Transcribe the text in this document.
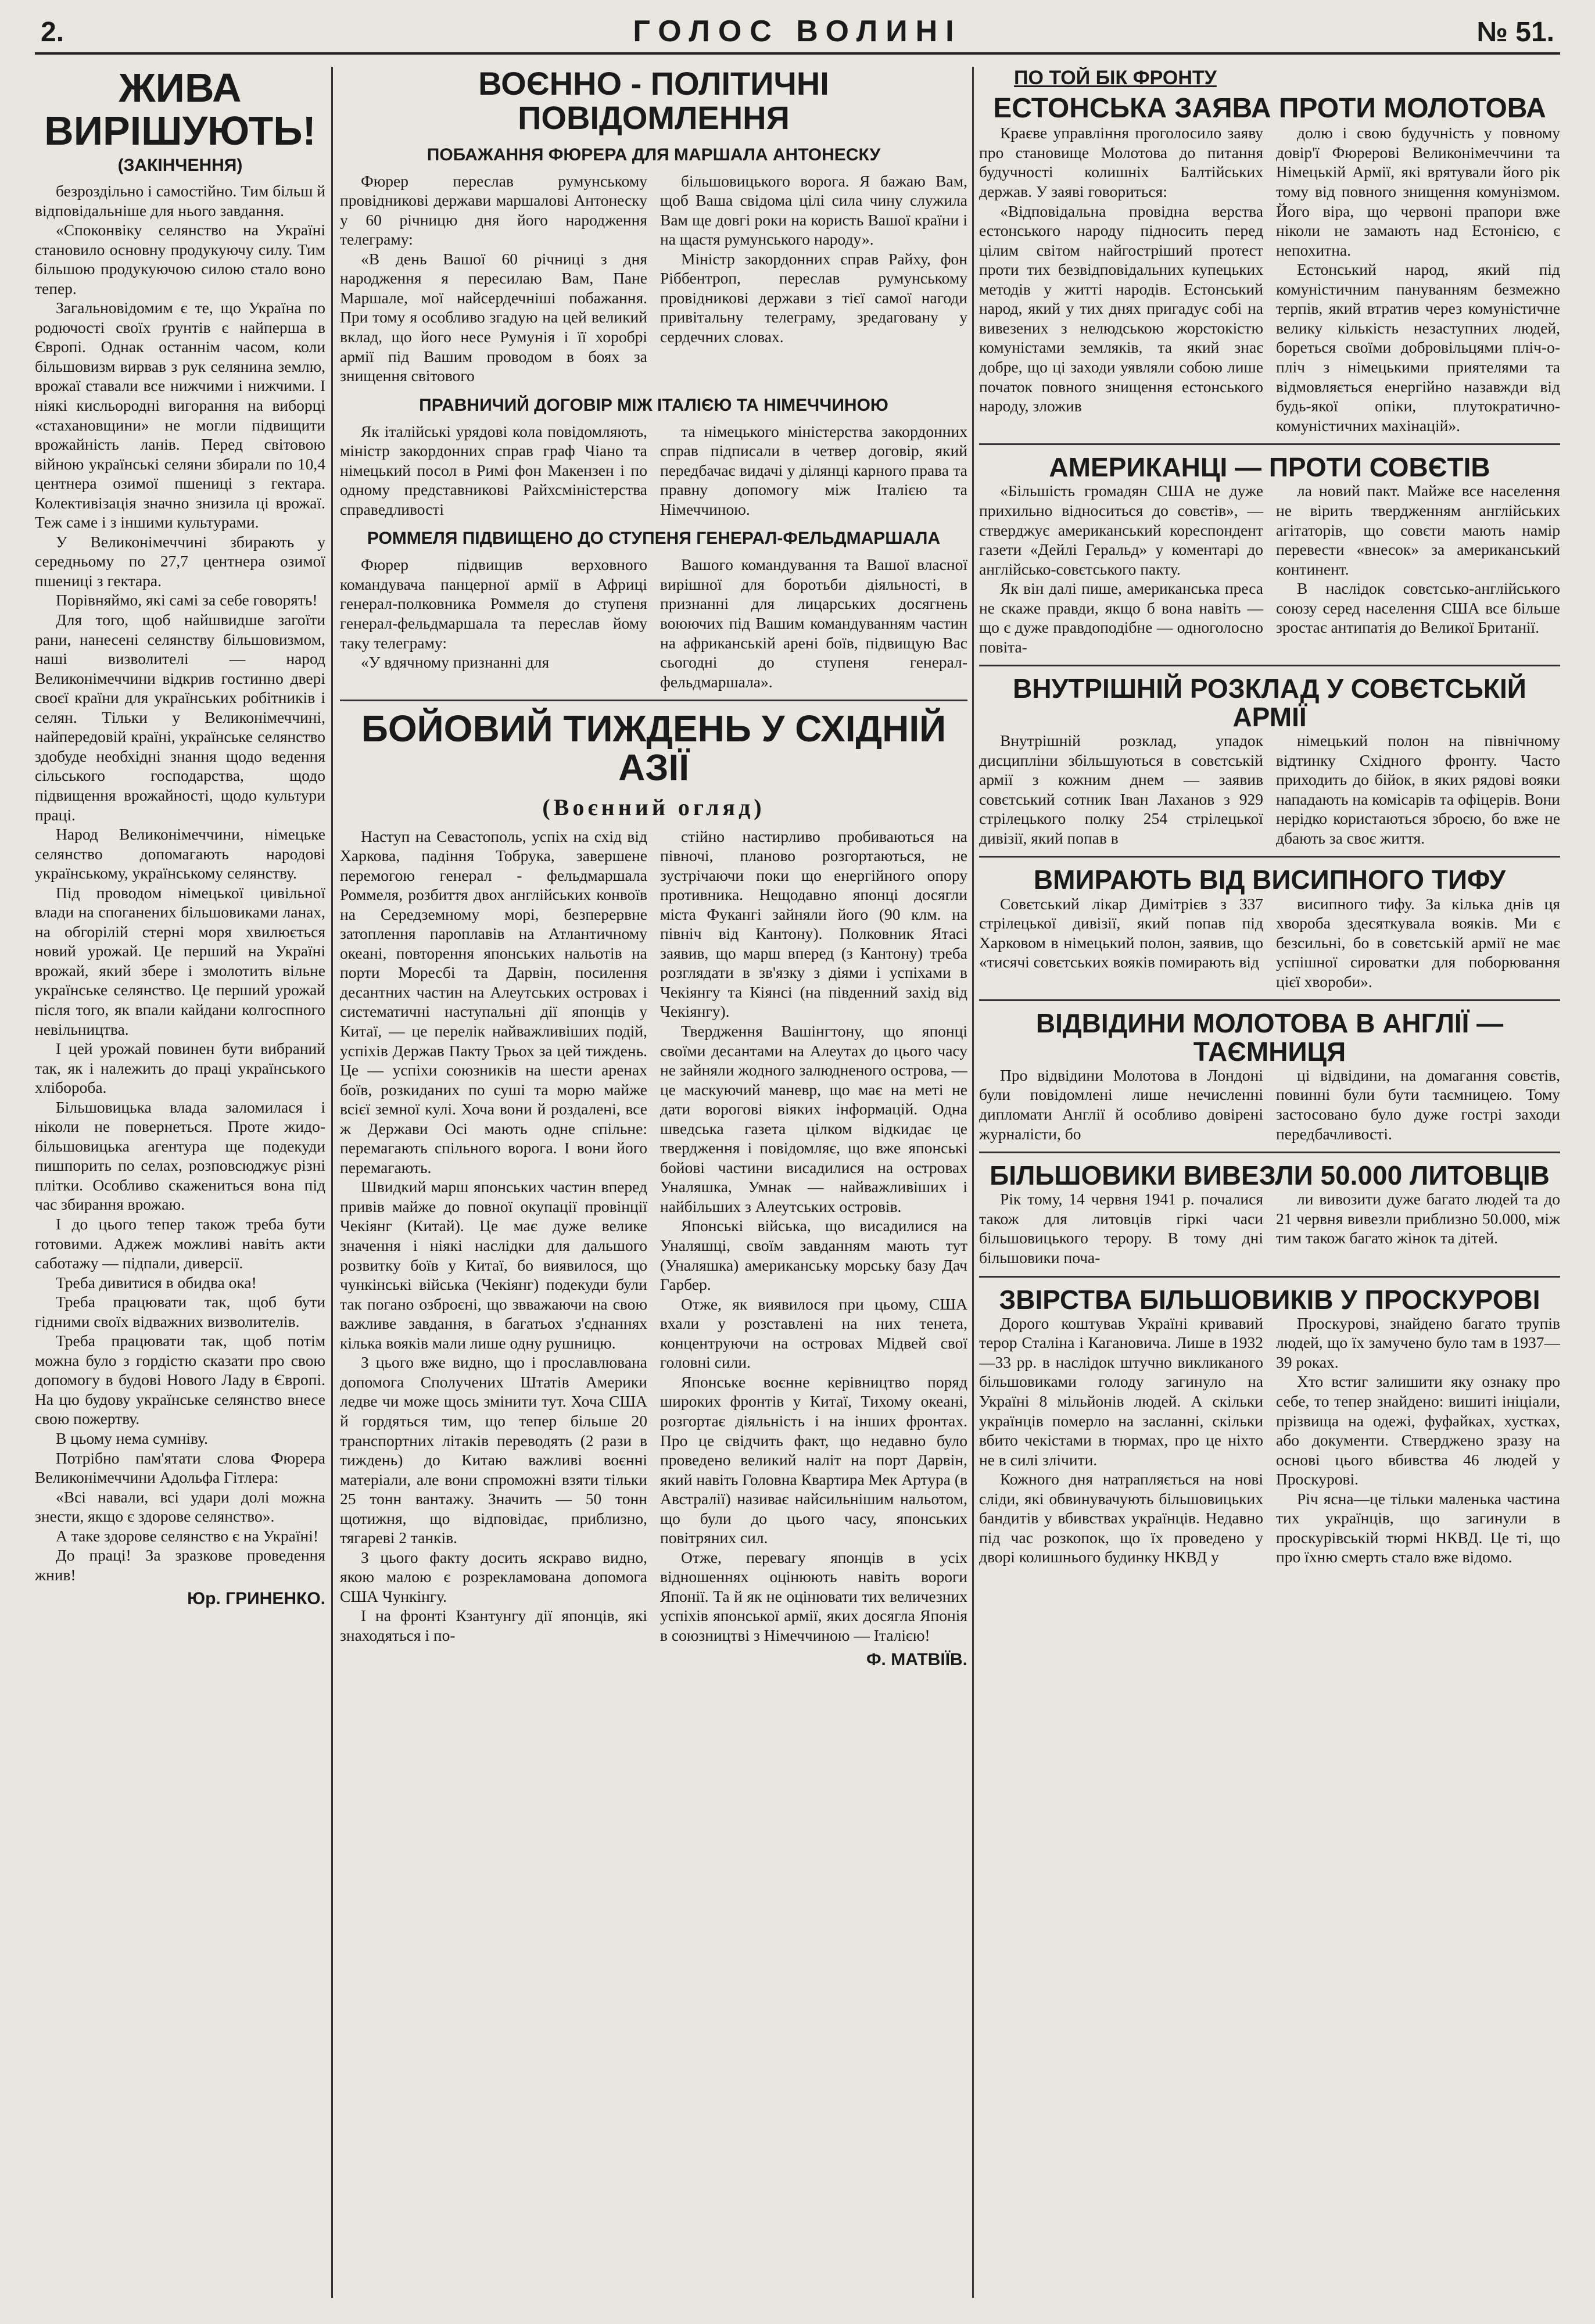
2.	ГОЛОС ВОЛИНІ	№ 51.
ЖИВА ВИРІШУЮТЬ!
(ЗАКІНЧЕННЯ)

безроздільно і самостійно. Тим більш й відповідальніше для нього завдання.

«Споконвіку селянство на Україні становило основну продукуючу силу. Тим більшою продукуючою силою стало воно тепер.

Загальновідомим є те, що Україна по родючості своїх ґрунтів є найперша в Європі. Однак останнім часом, коли більшовизм вирвав з рук селянина землю, врожаї ставали все нижчими і нижчими. І ніякі кисльородні вигорання на виборці «стахановщини» не могли підвищити врожайність ланів. Перед світовою війною українські селяни збирали по 10,4 центнера озимої пшениці з гектара. Колективізація значно знизила ці врожаї. Теж саме і з іншими культурами.

У Великонімеччині збирають у середньому по 27,7 центнера озимої пшениці з гектара.

Порівняймо, які самі за себе говорять!

Для того, щоб найшвидше загоїти рани, нанесені селянству більшовизмом, наші визволителі — народ Великонімеччини відкрив гостинно двері своєї країни для українських робітників і селян. Тільки у Великонімеччині, найпередовій країні, українське селянство здобуде необхідні знання щодо ведення сільського господарства, щодо підвищення врожайності, щодо культури праці.

Народ Великонімеччини, німецьке селянство допомагають народові українському, українському селянству.

Під проводом німецької цивільної влади на споганених більшовиками ланах, на обгорілій стерні моря хвилюється новий урожай. Це перший на Україні врожай, який збере і змолотить вільне українське селянство. Це перший урожай після того, як впали кайдани колгоспного невільництва.

І цей урожай повинен бути вибраний так, як і належить до праці українського хлібороба.

Більшовицька влада заломилася і ніколи не повернеться. Проте жидо-більшовицька агентура ще подекуди пишпорить по селах, розповсюджує різні плітки. Особливо скажениться вона під час збирання врожаю.

І до цього тепер також треба бути готовими. Аджеж можливі навіть акти саботажу — підпали, диверсії.

Треба дивитися в обидва ока!

Треба працювати так, щоб бути гідними своїх відважних визволителів.

Треба працювати так, щоб потім можна було з гордістю сказати про свою допомогу в будові Нового Ладу в Європі. На цю будову українське селянство внесе свою пожертву.

В цьому нема сумніву.

Потрібно пам'ятати слова Фюрера Великонімеччини Адольфа Гітлера:

«Всі навали, всі удари долі можна знести, якщо є здорове селянство».

А таке здорове селянство є на Україні!

До праці! За зразкове проведення жнив!

Юр. ГРИНЕНКО.
ВОЄННО - ПОЛІТИЧНІ ПОВІДОМЛЕННЯ
ПОБАЖАННЯ ФЮРЕРА ДЛЯ МАРШАЛА АНТОНЕСКУ

Фюрер переслав румунському провідникові держави маршалові Антонеску у 60 річницю дня його народження телеграму:

«В день Вашої 60 річниці з дня народження я пересилаю Вам, Пане Маршале, мої найсердечніші побажання. При тому я особливо згадую на цей великий вклад, що його несе Румунія і її хоробрі армії під Вашим проводом в боях за знищення світового

більшовицького ворога. Я бажаю Вам, щоб Ваша свідома цілі сила чину служила Вам ще довгі роки на користь Вашої країни і на щастя румунського народу».

Міністр закордонних справ Райху, фон Ріббентроп, переслав румунському провідникові держави з тієї самої нагоди привітальну телеграму, зредаговану у сердечних словах.

ПРАВНИЧИЙ ДОГОВІР МІЖ ІТАЛІЄЮ ТА НІМЕЧЧИНОЮ

Як італійські урядові кола повідомляють, міністр закордонних справ граф Чіано та німецький посол в Римі фон Макензен і по одному представникові Райхсміністерства справедливості

та німецького міністерства закордонних справ підписали в четвер договір, який передбачає видачі у ділянці карного права та правну допомогу між Італією та Німеччиною.

РОММЕЛЯ ПІДВИЩЕНО ДО СТУПЕНЯ ГЕНЕРАЛ-ФЕЛЬДМАРШАЛА

Фюрер підвищив верховного командувача панцерної армії в Африці генерал-полковника Роммеля до ступеня генерал-фельдмаршала та переслав йому таку телеграму:

«У вдячному признанні для

Вашого командування та Вашої власної вирішної для боротьби діяльності, в признанні для лицарських досягнень воюючих під Вашим командуванням частин на африканській арені боїв, підвищую Вас сьогодні до ступеня генерал-фельдмаршала».

БОЙОВИЙ ТИЖДЕНЬ У СХІДНІЙ АЗІЇ
(Воєнний огляд)

Наступ на Севастополь, успіх на схід від Харкова, падіння Тобрука, завершене перемогою генерал - фельдмаршала Роммеля, розбиття двох англійських конвоїв на Середземному морі, безперервне затоплення пароплавів на Атлантичному океані, повторення японських нальотів на порти Моресбі та Дарвін, посилення десантних частин на Алеутських островах і систематичні наступальні дії японців у Китаї, — це перелік найважливіших подій, успіхів Держав Пакту Трьох за цей тиждень. Це — успіхи союзників на шести аренах боїв, розкиданих по суші та морю майже всієї земної кулі. Хоча вони й роздалені, все ж Держави Осі мають одне спільне: перемагають спільного ворога. І вони його перемагають.

Швидкий марш японських частин вперед привів майже до повної окупації провінції Чекіянг (Китай). Це має дуже велике значення і ніякі наслідки для дальшого розвитку боїв у Китаї, бо виявилося, що чункінські війська (Чекіянг) подекуди були так погано озброєні, що звважаючи на свою важливе завдання, в багатьох з'єднаннях кілька вояків мали лише одну рушницю.

З цього вже видно, що і прославлювана допомога Сполучених Штатів Америки ледве чи може щось змінити тут. Хоча США й гордяться тим, що тепер більше 20 транспортних літаків переводять (2 рази в тиждень) до Китаю важливі воєнні матеріали, але вони спроможні взяти тільки 25 тонн вантажу. Значить — 50 тонн щотижня, що відповідає, приблизно, тягареві 2 танків.

З цього факту досить яскраво видно, якою малою є розрекламована допомога США Чункінгу.

І на фронті Кзантунгу дії японців, які знаходяться і по-

стійно настирливо пробиваються на півночі, планово розгортаються, не зустрічаючи поки що енергійного опору противника. Нещодавно японці досягли міста Фукангі зайняли його (90 клм. на північ від Кантону). Полковник Ятасі заявив, що марш вперед (з Кантону) треба розглядати в зв'язку з діями і успіхами в Чекіянгу та Кіянсі (на південний захід від Чекіянгу).

Твердження Вашінгтону, що японці своїми десантами на Алеутах до цього часу не зайняли жодного залюдненого острова, — це маскуючий маневр, що має на меті не дати ворогові віяких інформацій. Одна шведська газета цілком відкидає це твердження і повідомляє, що вже японські бойові частини висадилися на островах Уналяшка, Умнак — найважливіших і найбільших з Алеутських островів.

Японські війська, що висадилися на Уналяшці, своїм завданням мають тут (Уналяшка) американську морську базу Дач Гарбер.

Отже, як виявилося при цьому, США вхали у розставлені на них тенета, концентруючи на островах Мідвей свої головні сили.

Японське воєнне керівництво поряд широких фронтів у Китаї, Тихому океані, розгортає діяльність і на інших фронтах. Про це свідчить факт, що недавно було проведено великий наліт на порт Дарвін, який навіть Головна Квартира Мек Артура (в Австралії) називає найсильнішим нальотом, що були до цього часу, японських повітряних сил.

Отже, перевагу японців в усіх відношеннях оцінюють навіть вороги Японії. Та й як не оцінювати тих величезних успіхів японської армії, яких досягла Японія в союзництві з Німеччиною — Італією!

Ф. МАТВІЇВ.
ПО ТОЙ БІК ФРОНТУ
ЕСТОНСЬКА ЗАЯВА ПРОТИ МОЛОТОВА

Краєве управління проголосило заяву про становище Молотова до питання будучності колишніх Балтійських держав. У заяві говориться:

«Відповідальна провідна верства естонського народу підносить перед цілим світом найгостріший протест проти тих безвідповідальних купецьких методів у житті народів. Естонський народ, який у тих днях пригадує собі на вивезених з нелюдською жорстокістю комуністами земляків, та який знає добре, що ці заходи уявляли собою лише початок повного знищення естонського народу, зложив

долю і свою будучність у повному довір'ї Фюрерові Великонімеччини та Німецькій Армії, які врятували його рік тому від повного знищення комунізмом. Його віра, що червоні прапори вже ніколи не замають над Естонією, є непохитна.

Естонський народ, який під комуністичним пануванням безмежно терпів, який втратив через комуністичне велику кількість незаступних людей, бореться своїми добровільцями пліч-о-пліч з німецькими приятелями та відмовляється енергійно назавжди від будь-якої опіки, плутократично-комуністичних махінацій».

АМЕРИКАНЦІ — ПРОТИ СОВЄТІВ

«Більшість громадян США не дуже прихильно відноситься до совєтів», — стверджує американський кореспондент газети «Дейлі Геральд» у коментарі до англійсько-совєтського пакту.

Як він далі пише, американська преса не скаже правди, якщо б вона навіть — що є дуже правдоподібне — одноголосно повіта-

ла новий пакт. Майже все населення не вірить твердженням англійських агітаторів, що совєти мають намір перевести «внесок» за американський континент.

В наслідок совєтсько-англійського союзу серед населення США все більше зростає антипатія до Великої Британії.

ВНУТРІШНІЙ РОЗКЛАД У СОВЄТСЬКІЙ АРМІЇ

Внутрішній розклад, упадок дисципліни збільшуються в совєтській армії з кожним днем — заявив совєтський сотник Іван Лаханов з 929 стрілецького полку 254 стрілецької дивізії, який попав в

німецький полон на північному відтинку Східного фронту. Часто приходить до бійок, в яких рядові вояки нападають на комісарів та офіцерів. Вони нерідко користаються зброєю, бо вже не дбають за своє життя.

ВМИРАЮТЬ ВІД ВИСИПНОГО ТИФУ

Совєтський лікар Димітрієв з 337 стрілецької дивізії, який попав під Харковом в німецький полон, заявив, що «тисячі совєтських вояків помирають від

висипного тифу. За кілька днів ця хвороба здесяткувала вояків. Ми є безсильні, бо в совєтській армії не має успішної сироватки для поборювання цієї хвороби».

ВІДВІДИНИ МОЛОТОВА В АНГЛІЇ — ТАЄМНИЦЯ

Про відвідини Молотова в Лондоні були повідомлені лише нечисленні дипломати Англії й особливо довірені журналісти, бо

ці відвідини, на домагання совєтів, повинні були бути таємницею. Тому застосовано було дуже гострі заходи передбачливості.

БІЛЬШОВИКИ ВИВЕЗЛИ 50.000 ЛИТОВЦІВ

Рік тому, 14 червня 1941 р. почалися також для литовців гіркі часи більшовицького терору. В тому дні більшовики поча-

ли вивозити дуже багато людей та до 21 червня вивезли приблизно 50.000, між тим також багато жінок та дітей.

ЗВІРСТВА БІЛЬШОВИКІВ У ПРОСКУРОВІ

Дорого коштував Україні кривавий терор Сталіна і Кагановича. Лише в 1932—33 рр. в наслідок штучно викликаного більшовиками голоду загинуло на Україні 8 мільйонів людей. А скільки українців померло на засланні, скільки вбито чекістами в тюрмах, про це ніхто не в силі злічити.

Кожного дня натрапляється на нові сліди, які обвинувачують більшовицьких бандитів у вбивствах українців. Недавно під час розкопок, що їх проведено у дворі колишнього будинку НКВД у

Проскурові, знайдено багато трупів людей, що їх замучено було там в 1937—39 роках.

Хто встиг залишити яку ознаку про себе, то тепер знайдено: вишиті ініціали, прізвища на одежі, фуфайках, хустках, або документи. Стверджено зразу на основі цього вбивства 46 людей у Проскурові.

Річ ясна—це тільки маленька частина тих українців, що загинули в проскурівській тюрмі НКВД. Це ті, що про їхню смерть стало вже відомо.
